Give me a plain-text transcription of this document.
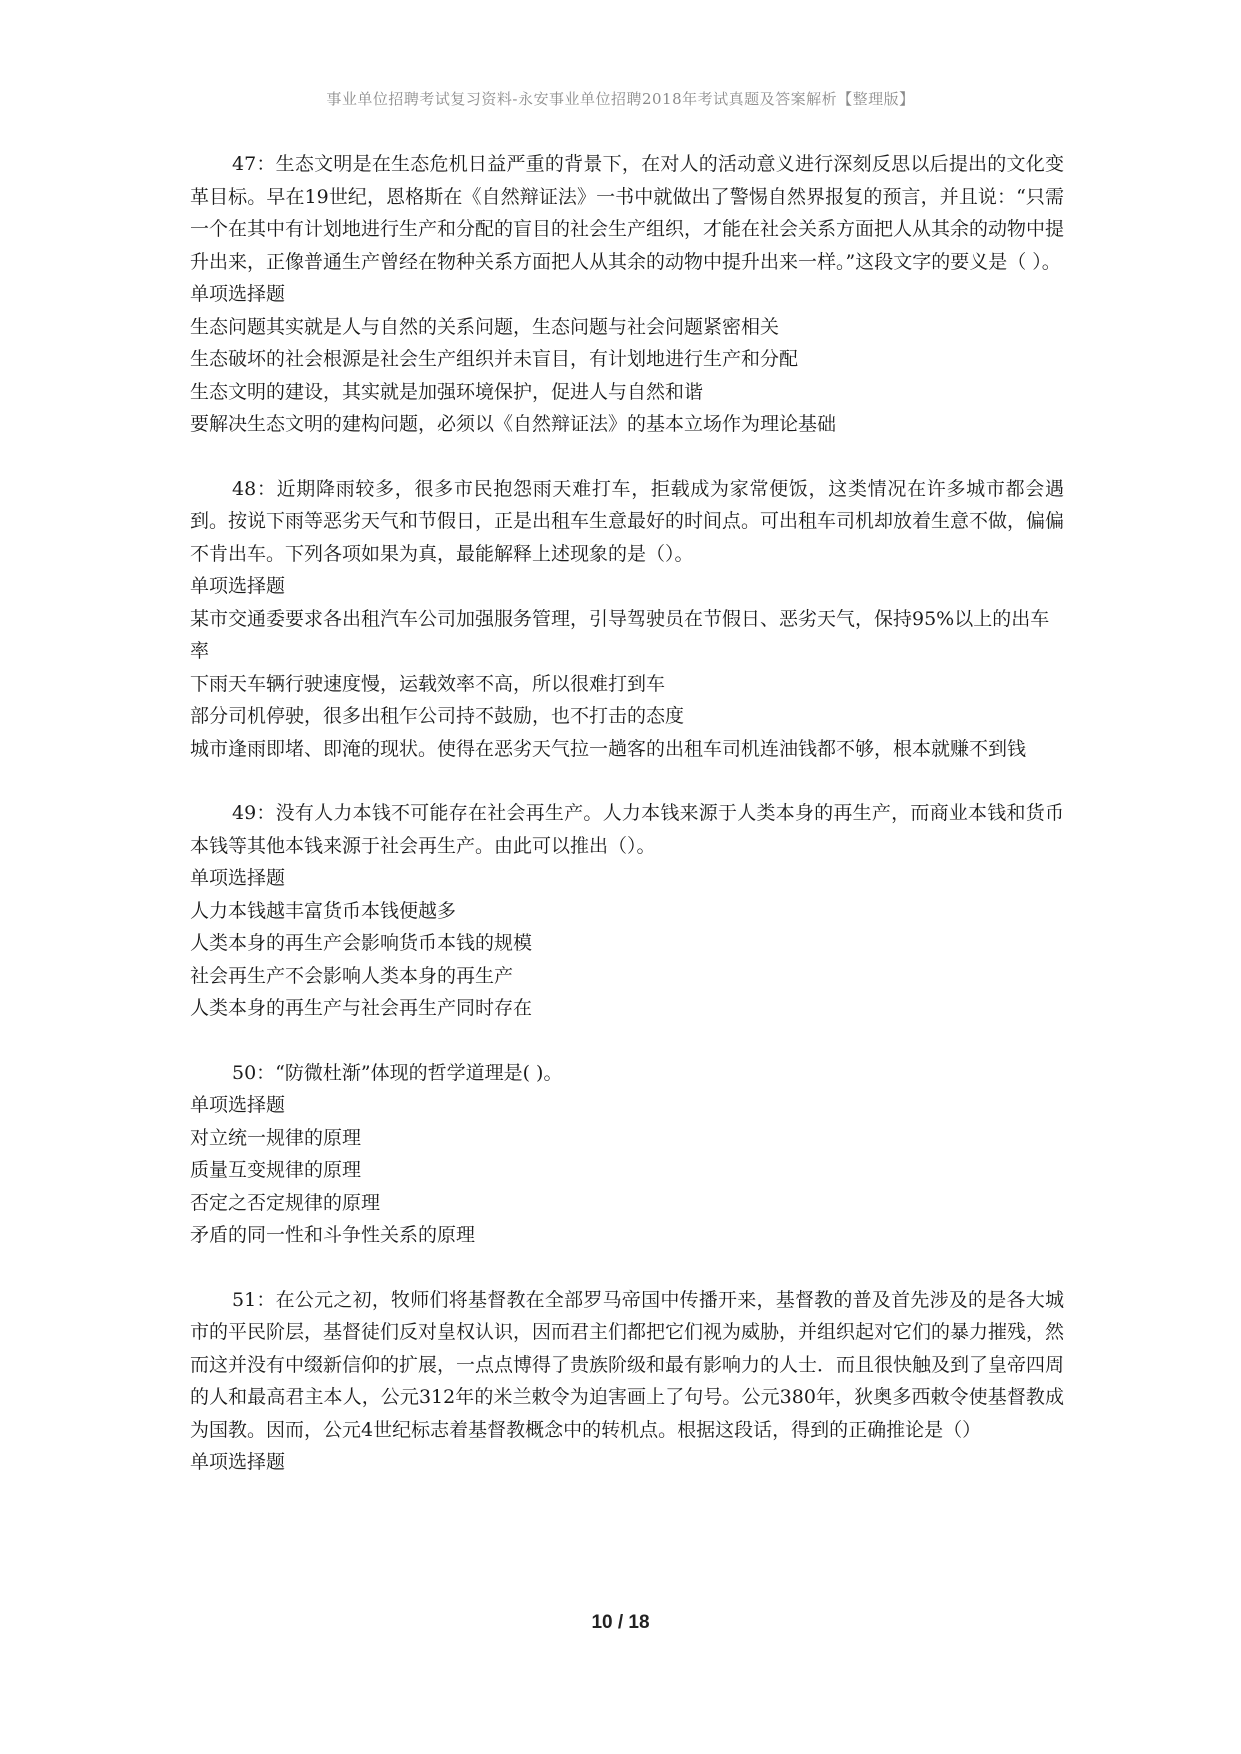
事业单位招聘考试复习资料-永安事业单位招聘2018年考试真题及答案解析【整理版】

47：生态文明是在生态危机日益严重的背景下，在对人的活动意义进行深刻反思以后提出的文化变革目标。早在19世纪，恩格斯在《自然辩证法》一书中就做出了警惕自然界报复的预言，并且说：“只需一个在其中有计划地进行生产和分配的盲目的社会生产组织，才能在社会关系方面把人从其余的动物中提升出来，正像普通生产曾经在物种关系方面把人从其余的动物中提升出来一样。”这段文字的要义是（ ）。

单项选择题

生态问题其实就是人与自然的关系问题，生态问题与社会问题紧密相关

生态破坏的社会根源是社会生产组织并未盲目，有计划地进行生产和分配

生态文明的建设，其实就是加强环境保护，促进人与自然和谐

要解决生态文明的建构问题，必须以《自然辩证法》的基本立场作为理论基础

48：近期降雨较多，很多市民抱怨雨天难打车，拒载成为家常便饭，这类情况在许多城市都会遇到。按说下雨等恶劣天气和节假日，正是出租车生意最好的时间点。可出租车司机却放着生意不做，偏偏不肯出车。下列各项如果为真，最能解释上述现象的是（）。

单项选择题

某市交通委要求各出租汽车公司加强服务管理，引导驾驶员在节假日、恶劣天气，保持95%以上的出车率

下雨天车辆行驶速度慢，运载效率不高，所以很难打到车

部分司机停驶，很多出租乍公司持不鼓励，也不打击的态度

城市逢雨即堵、即淹的现状。使得在恶劣天气拉一趟客的出租车司机连油钱都不够，根本就赚不到钱

49：没有人力本钱不可能存在社会再生产。人力本钱来源于人类本身的再生产，而商业本钱和货币本钱等其他本钱来源于社会再生产。由此可以推出（）。

单项选择题

人力本钱越丰富货币本钱便越多

人类本身的再生产会影响货币本钱的规模

社会再生产不会影响人类本身的再生产

人类本身的再生产与社会再生产同时存在

50：“防微杜渐”体现的哲学道理是( )。

单项选择题

对立统一规律的原理

质量互变规律的原理

否定之否定规律的原理

矛盾的同一性和斗争性关系的原理

51：在公元之初，牧师们将基督教在全部罗马帝国中传播开来，基督教的普及首先涉及的是各大城市的平民阶层，基督徒们反对皇权认识，因而君主们都把它们视为威胁，并组织起对它们的暴力摧残，然而这并没有中缀新信仰的扩展，一点点博得了贵族阶级和最有影响力的人士．而且很快触及到了皇帝四周的人和最高君主本人，公元312年的米兰敕令为迫害画上了句号。公元380年，狄奥多西敕令使基督教成为国教。因而，公元4世纪标志着基督教概念中的转机点。根据这段话，得到的正确推论是（）

单项选择题

10 / 18
